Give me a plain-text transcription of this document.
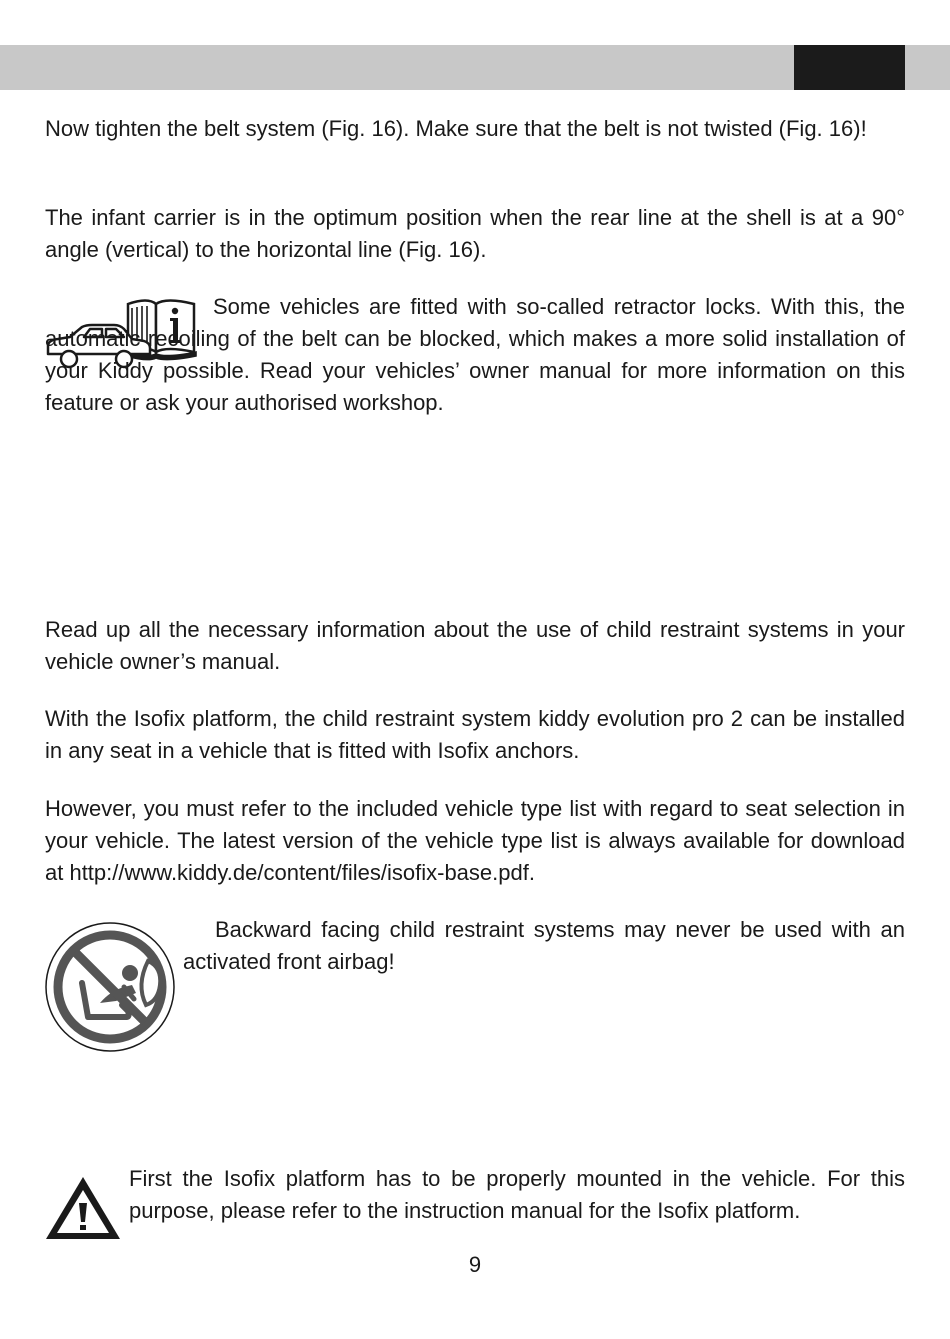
Now tighten the belt system (Fig. 16). Make sure that the belt is not twisted (Fig. 16)!

The infant carrier is in the optimum position when the rear line at the shell is at a 90° angle (vertical) to the horizontal line (Fig. 16).

Some vehicles are fitted with so-called retractor locks. With this, the automatic recoiling of the belt can be blocked, which makes a more solid installation of your Kiddy possible. Read your vehicles’ owner manual for more information on this feature or ask your authorised workshop.

Read up all the necessary information about the use of child restraint systems in your vehicle owner’s manual.

With the Isofix platform, the child restraint system kiddy evolution pro 2 can be installed in any seat in a vehicle that is fitted with Isofix anchors.

However, you must refer to the included vehicle type list with regard to seat selection in your vehicle. The latest version of the vehicle type list is always available for download at http://www.kiddy.de/content/files/isofix-base.pdf.

Backward facing child restraint systems may never be used with an activated front airbag!

First the Isofix platform has to be properly mounted in the vehicle. For this purpose, please refer to the instruction manual for the Isofix platform.

9
